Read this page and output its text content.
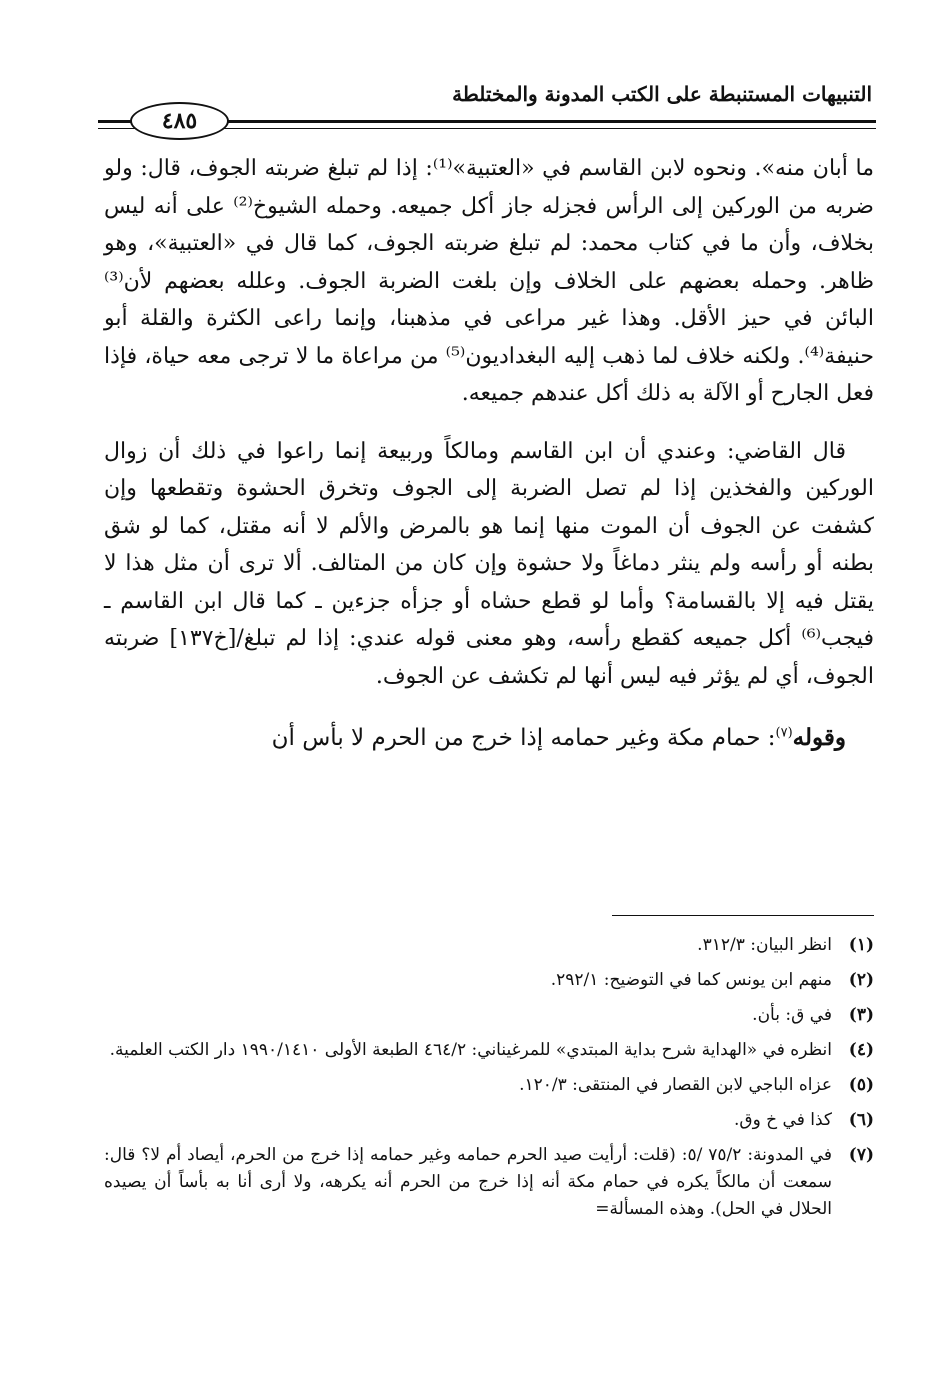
التنبيهات المستنبطة على الكتب المدونة والمختلطة
٤٨٥

ما أبان منه». ونحوه لابن القاسم في «العتبية»⁽¹⁾: إذا لم تبلغ ضربته الجوف، قال: ولو ضربه من الوركين إلى الرأس فجزله جاز أكل جميعه. وحمله الشيوخ⁽²⁾ على أنه ليس بخلاف، وأن ما في كتاب محمد: لم تبلغ ضربته الجوف، كما قال في «العتبية»، وهو ظاهر. وحمله بعضهم على الخلاف وإن بلغت الضربة الجوف. وعلله بعضهم لأن⁽³⁾ البائن في حيز الأقل. وهذا غير مراعى في مذهبنا، وإنما راعى الكثرة والقلة أبو حنيفة⁽⁴⁾. ولكنه خلاف لما ذهب إليه البغداديون⁽⁵⁾ من مراعاة ما لا ترجى معه حياة، فإذا فعل الجارح أو الآلة به ذلك أكل عندهم جميعه.

قال القاضي: وعندي أن ابن القاسم ومالكاً وربيعة إنما راعوا في ذلك أن زوال الوركين والفخذين إذا لم تصل الضربة إلى الجوف وتخرق الحشوة وتقطعها وإن كشفت عن الجوف أن الموت منها إنما هو بالمرض والألم لا أنه مقتل، كما لو شق بطنه أو رأسه ولم ينثر دماغاً ولا حشوة وإن كان من المتالف. ألا ترى أن مثل هذا لا يقتل فيه إلا بالقسامة؟ وأما لو قطع حشاه أو جزأه جزءين ـ كما قال ابن القاسم ـ فيجب⁽⁶⁾ أكل جميعه كقطع رأسه، وهو معنى قوله عندي: إذا لم تبلغ/[خ١٣٧] ضربته الجوف، أي لم يؤثر فيه ليس أنها لم تكشف عن الجوف.

وقوله$^{(٧)}$: حمام مكة وغير حمامه إذا خرج من الحرم لا بأس أن

(١)
انظر البيان: ٣١٢/٣.
(٢)
منهم ابن يونس كما في التوضيح: ٢٩٢/١.
(٣)
في ق: بأن.
(٤)
انظره في «الهداية شرح بداية المبتدي» للمرغيناني: ٤٦٤/٢ الطبعة الأولى ١٩٩٠/١٤١٠ دار الكتب العلمية.
(٥)
عزاه الباجي لابن القصار في المنتقى: ١٢٠/٣.
(٦)
كذا في خ وق.
(٧)
في المدونة: ٧٥/٢ /٥: (قلت: أرأيت صيد الحرم حمامه وغير حمامه إذا خرج من الحرم، أيصاد أم لا؟ قال: سمعت أن مالكاً يكره في حمام مكة أنه إذا خرج من الحرم أنه يكرهه، ولا أرى أنا به بأساً أن يصيده الحلال في الحل). وهذه المسألة=
